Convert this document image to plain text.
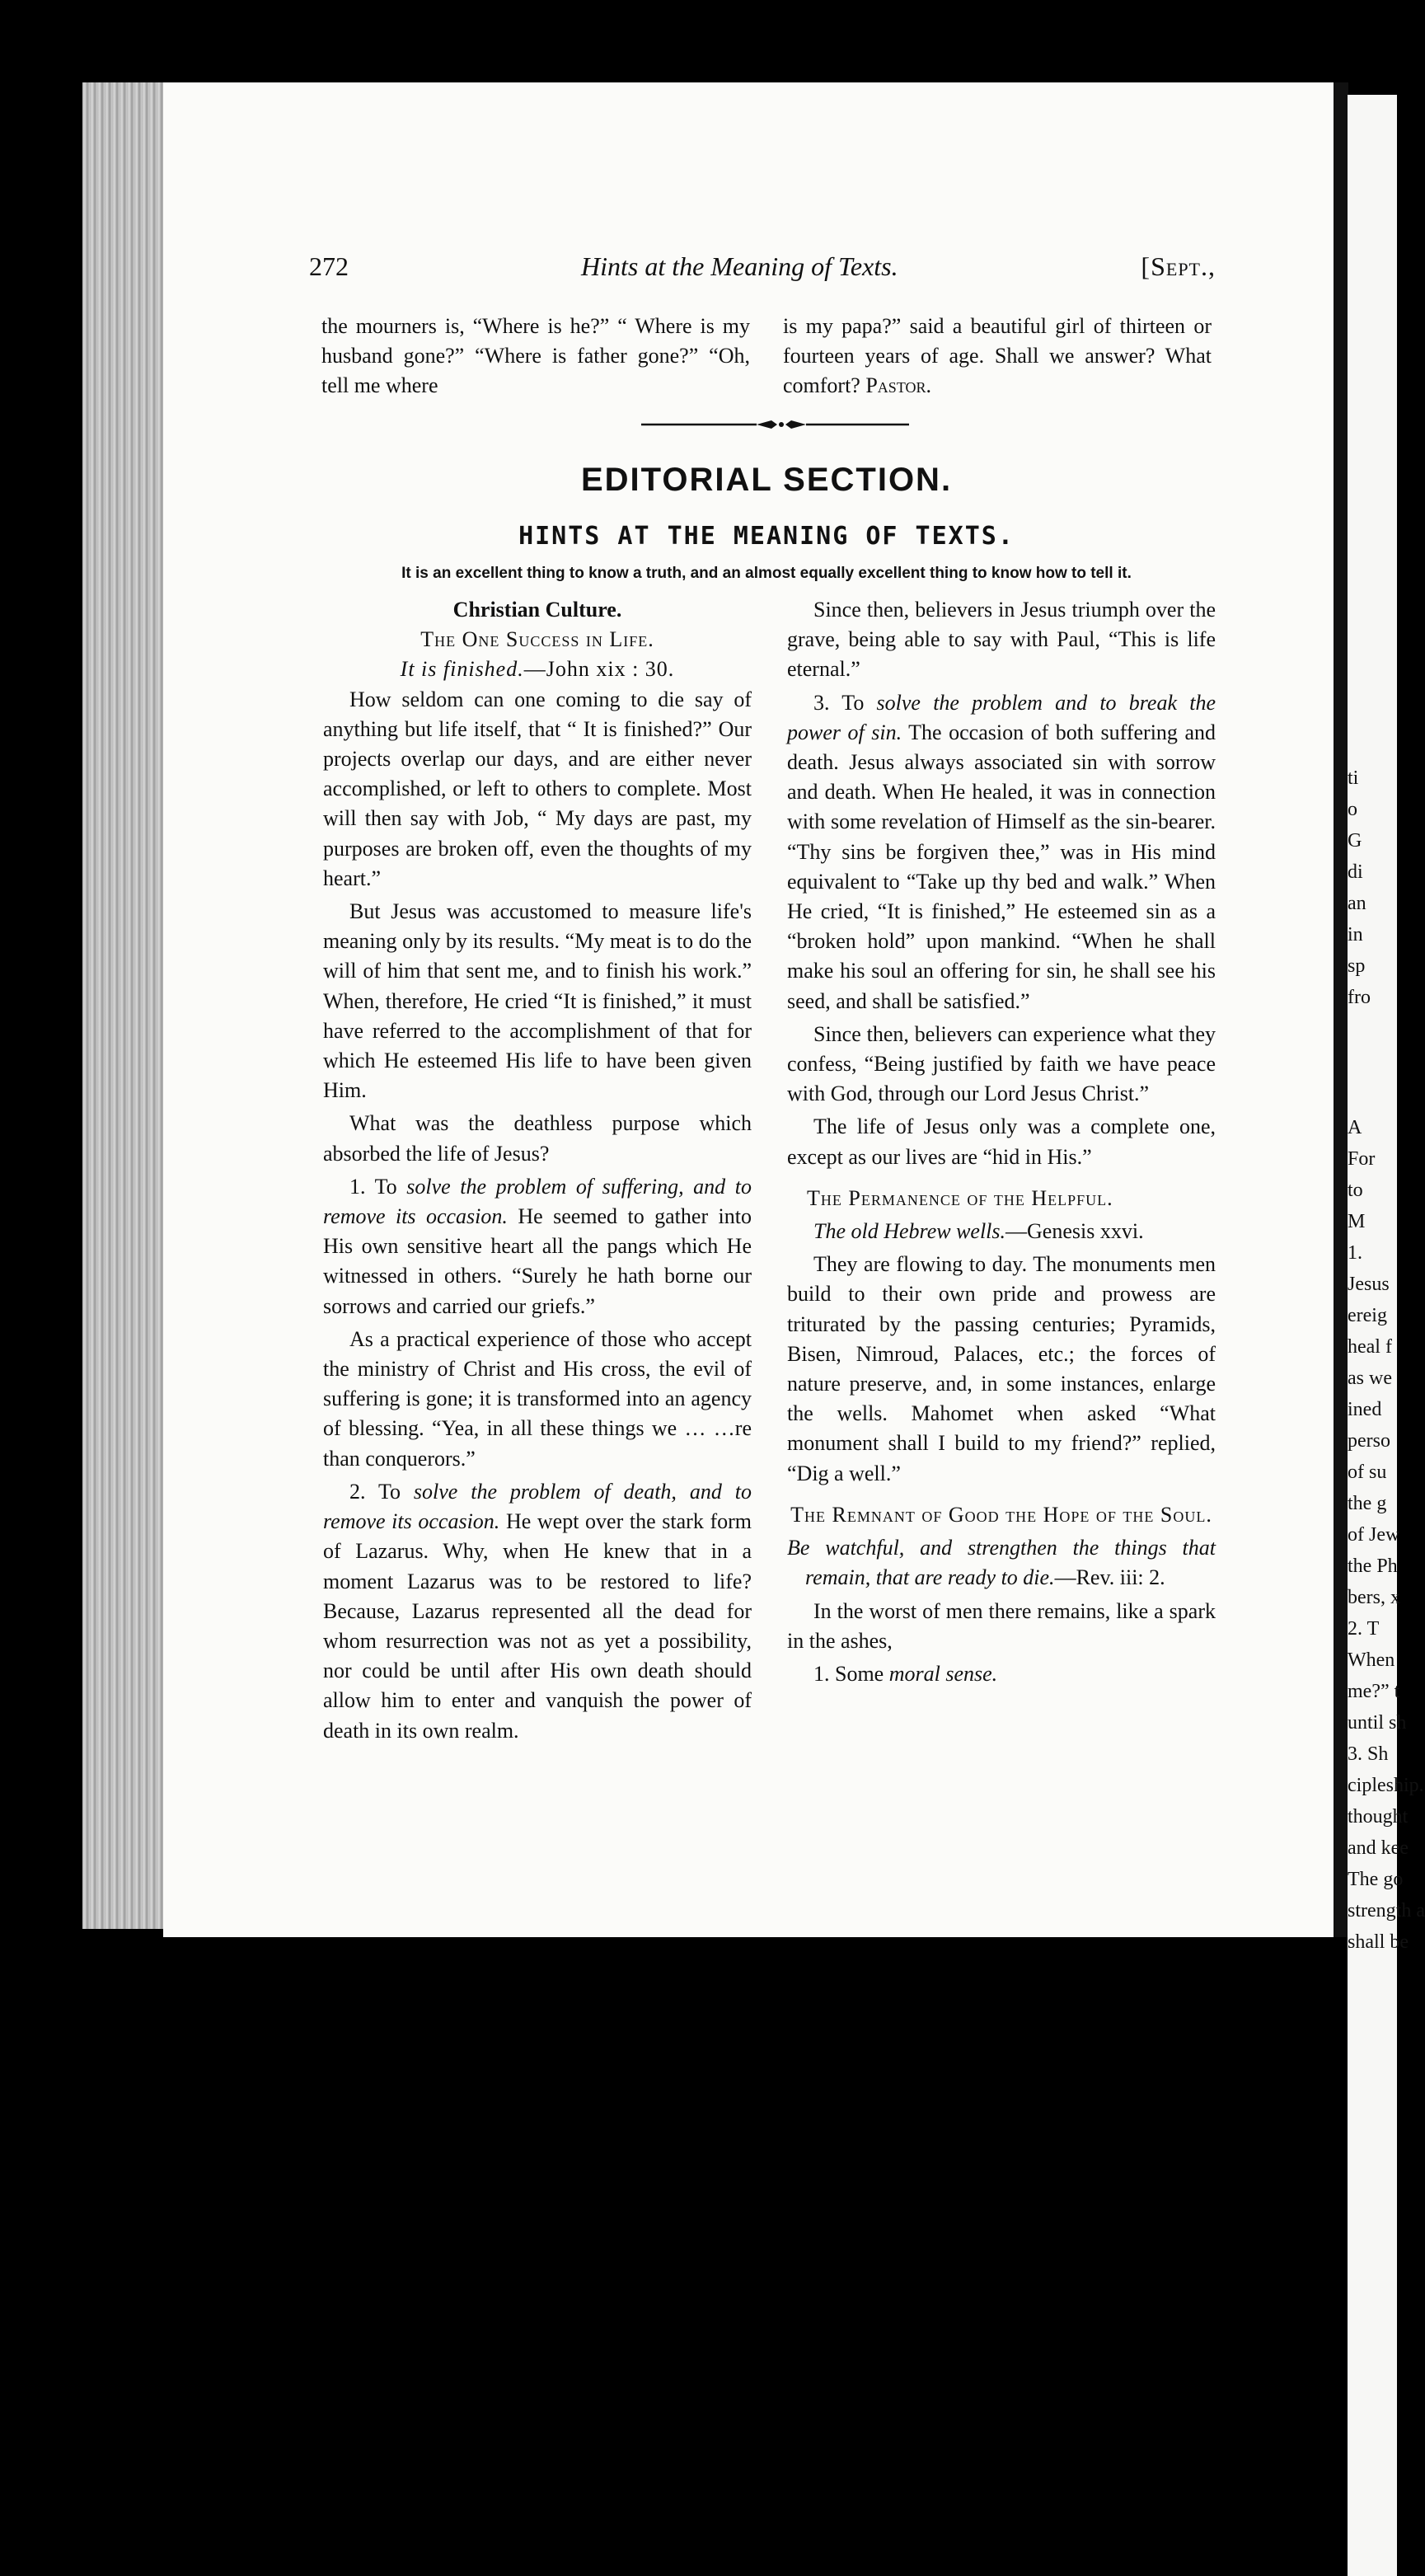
ti
o
G
di
an
in
sp
fro
A
For
to
M
1.
Jesus
ereig
heal f
as we
ined
perso
of su
the g
of Jew
the Ph
bers, x
2. T
When
me?” t
until sh
3. Sh
cipleship.
thought
and kee
The go
strength a
shall be
272	Hints at the Meaning of Texts.	[Sept.,

the mourners is, “Where is he?” “ Where is my husband gone?” “Where is father gone?” “Oh, tell me where

is my papa?” said a beautiful girl of thirteen or fourteen years of age. Shall we answer? What comfort? Pastor.

EDITORIAL SECTION.
HINTS AT THE MEANING OF TEXTS.
It is an excellent thing to know a truth, and an almost equally excellent thing to know how to tell it.

Christian Culture.

The One Success in Life.

It is finished.—John xix : 30.

How seldom can one coming to die say of anything but life itself, that “ It is finished?” Our projects overlap our days, and are either never accomplished, or left to others to complete. Most will then say with Job, “ My days are past, my purposes are broken off, even the thoughts of my heart.”

But Jesus was accustomed to measure life's meaning only by its results. “My meat is to do the will of him that sent me, and to finish his work.” When, therefore, He cried “It is finished,” it must have referred to the accomplishment of that for which He esteemed His life to have been given Him.

What was the deathless purpose which absorbed the life of Jesus?

1. To solve the problem of suffering, and to remove its occasion. He seemed to gather into His own sensitive heart all the pangs which He witnessed in others. “Surely he hath borne our sorrows and carried our griefs.”

As a practical experience of those who accept the ministry of Christ and His cross, the evil of suffering is gone; it is transformed into an agency of blessing. “Yea, in all these things we … …re than conquerors.”

2. To solve the problem of death, and to remove its occasion. He wept over the stark form of Lazarus. Why, when He knew that in a moment Lazarus was to be restored to life? Because, Lazarus represented all the dead for whom resurrection was not as yet a possibility, nor could be until after His own death should allow him to enter and vanquish the power of death in its own realm.

Since then, believers in Jesus triumph over the grave, being able to say with Paul, “This is life eternal.”

3. To solve the problem and to break the power of sin. The occasion of both suffering and death. Jesus always associated sin with sorrow and death. When He healed, it was in connection with some revelation of Himself as the sin-bearer. “Thy sins be forgiven thee,” was in His mind equivalent to “Take up thy bed and walk.” When He cried, “It is finished,” He esteemed sin as a “broken hold” upon mankind. “When he shall make his soul an offering for sin, he shall see his seed, and shall be satisfied.”

Since then, believers can experience what they confess, “Being justified by faith we have peace with God, through our Lord Jesus Christ.”

The life of Jesus only was a complete one, except as our lives are “hid in His.”

The Permanence of the Helpful.

The old Hebrew wells.—Genesis xxvi.

They are flowing to day. The monuments men build to their own pride and prowess are triturated by the passing centuries; Pyramids, Bisen, Nimroud, Palaces, etc.; the forces of nature preserve, and, in some instances, enlarge the wells. Mahomet when asked “What monument shall I build to my friend?” replied, “Dig a well.”

The Remnant of Good the Hope of the Soul.

Be watchful, and strengthen the things that remain, that are ready to die.—Rev. iii: 2.

In the worst of men there remains, like a spark in the ashes,

1. Some moral sense.
